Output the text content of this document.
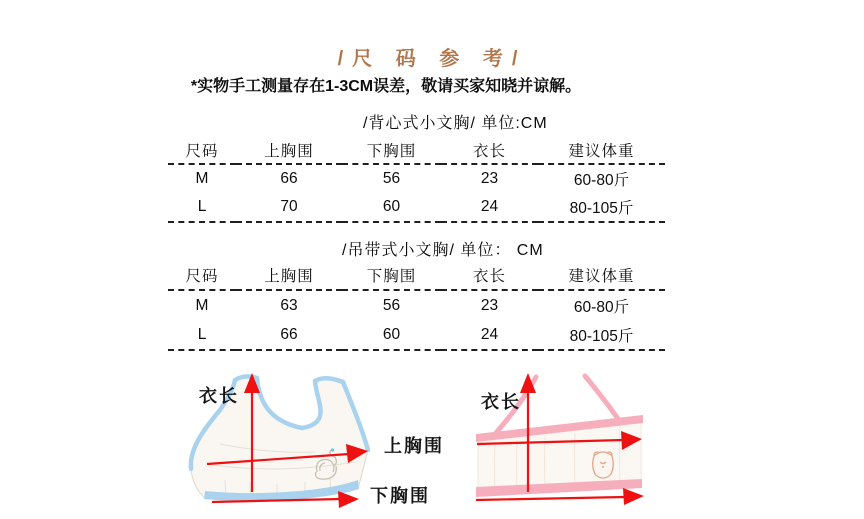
/尺 码 参 考/
*实物手工测量存在1-3CM误差，敬请买家知晓并谅解。
/背心式小文胸/ 单位:CM
尺码	上胸围	下胸围	衣长	建议体重
M	66	56	23	60-80斤
L	70	60	24	80-105斤
/吊带式小文胸/ 单位： CM
尺码	上胸围	下胸围	衣长	建议体重
M	63	56	23	60-80斤
L	66	60	24	80-105斤
衣长
上胸围
下胸围
衣长
